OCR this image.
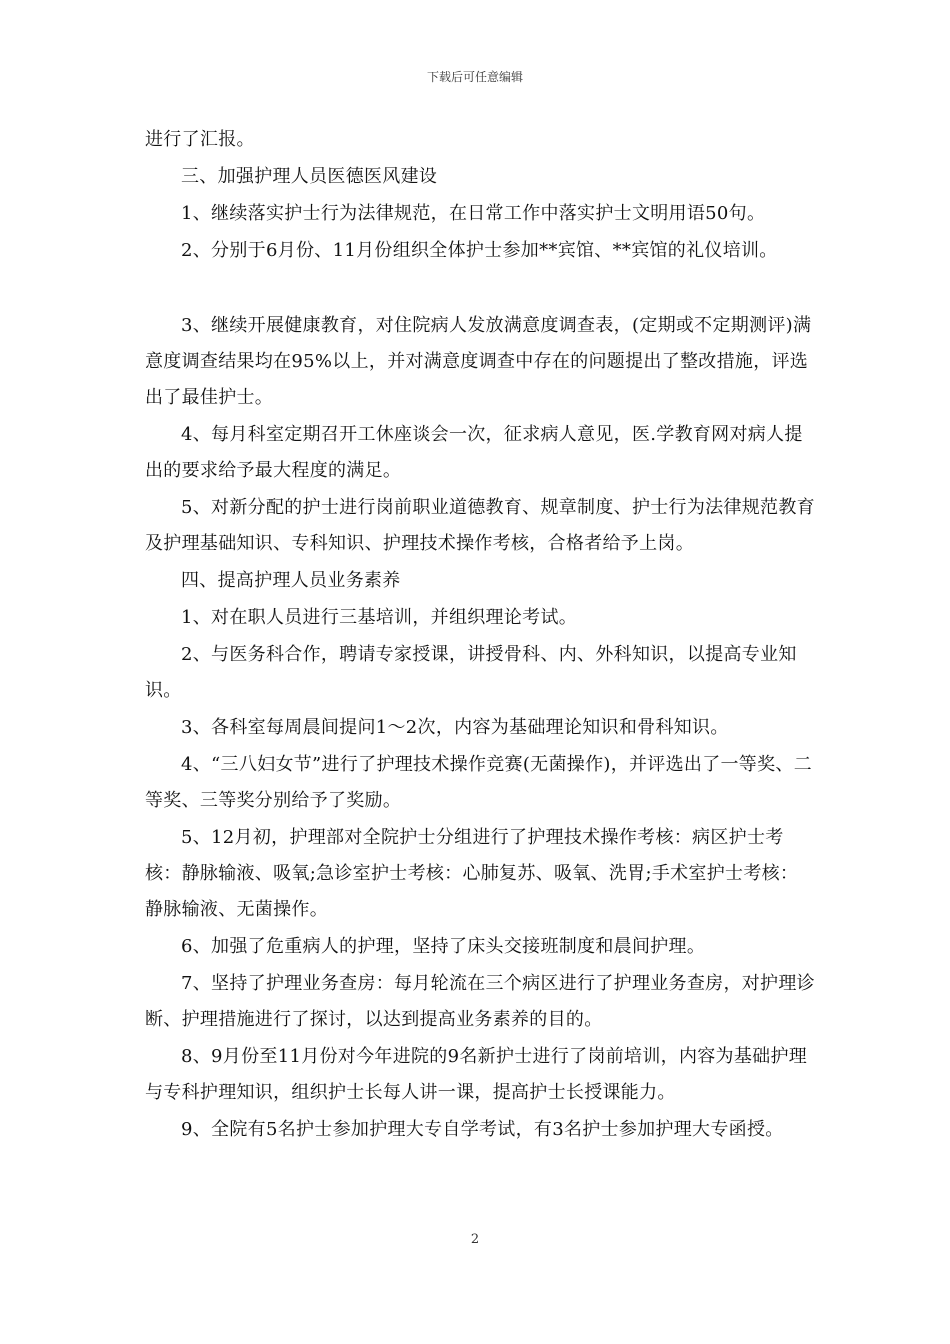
下载后可任意编辑

进行了汇报。

三、加强护理人员医德医风建设

1、继续落实护士行为法律规范，在日常工作中落实护士文明用语50句。

2、分别于6月份、11月份组织全体护士参加**宾馆、**宾馆的礼仪培训。

3、继续开展健康教育，对住院病人发放满意度调查表，(定期或不定期测评)满意度调查结果均在95%以上，并对满意度调查中存在的问题提出了整改措施，评选出了最佳护士。

4、每月科室定期召开工休座谈会一次，征求病人意见，医.学教育网对病人提出的要求给予最大程度的满足。

5、对新分配的护士进行岗前职业道德教育、规章制度、护士行为法律规范教育及护理基础知识、专科知识、护理技术操作考核，合格者给予上岗。

四、提高护理人员业务素养

1、对在职人员进行三基培训，并组织理论考试。

2、与医务科合作，聘请专家授课，讲授骨科、内、外科知识，以提高专业知识。

3、各科室每周晨间提问1～2次，内容为基础理论知识和骨科知识。

4、“三八妇女节”进行了护理技术操作竞赛(无菌操作)，并评选出了一等奖、二等奖、三等奖分别给予了奖励。

5、12月初，护理部对全院护士分组进行了护理技术操作考核：病区护士考核：静脉输液、吸氧;急诊室护士考核：心肺复苏、吸氧、洗胃;手术室护士考核：静脉输液、无菌操作。

6、加强了危重病人的护理，坚持了床头交接班制度和晨间护理。

7、坚持了护理业务查房：每月轮流在三个病区进行了护理业务查房，对护理诊断、护理措施进行了探讨，以达到提高业务素养的目的。

8、9月份至11月份对今年进院的9名新护士进行了岗前培训，内容为基础护理与专科护理知识，组织护士长每人讲一课，提高护士长授课能力。

9、全院有5名护士参加护理大专自学考试，有3名护士参加护理大专函授。

2
